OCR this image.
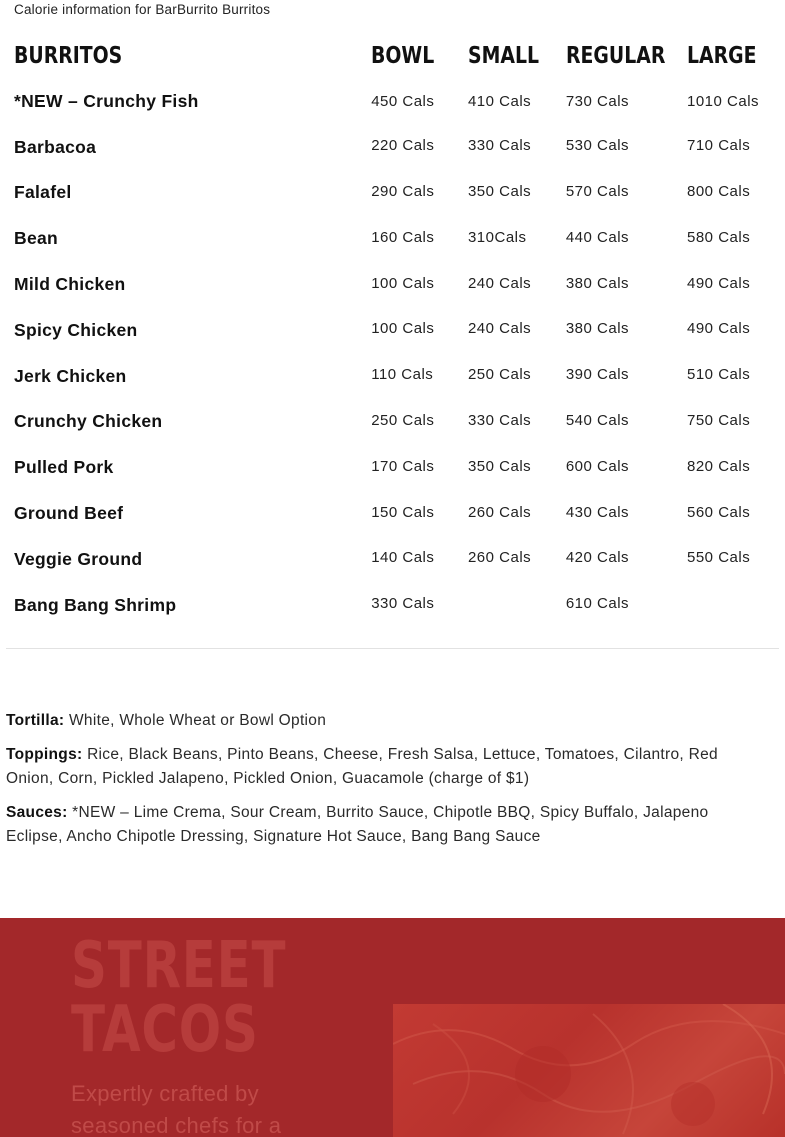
Calorie information for BarBurrito Burritos
BURRITOS	BOWL	SMALL	REGULAR	LARGE
*NEW – Crunchy Fish	450 Cals	410 Cals	730 Cals	1010 Cals
Barbacoa	220 Cals	330 Cals	530 Cals	710 Cals
Falafel	290 Cals	350 Cals	570 Cals	800 Cals
Bean	160 Cals	310Cals	440 Cals	580 Cals
Mild Chicken	100 Cals	240 Cals	380 Cals	490 Cals
Spicy Chicken	100 Cals	240 Cals	380 Cals	490 Cals
Jerk Chicken	110 Cals	250 Cals	390 Cals	510 Cals
Crunchy Chicken	250 Cals	330 Cals	540 Cals	750 Cals
Pulled Pork	170 Cals	350 Cals	600 Cals	820 Cals
Ground Beef	150 Cals	260 Cals	430 Cals	560 Cals
Veggie Ground	140 Cals	260 Cals	420 Cals	550 Cals
Bang Bang Shrimp	330 Cals		610 Cals	
Tortilla: White, Whole Wheat or Bowl Option
Toppings: Rice, Black Beans, Pinto Beans, Cheese, Fresh Salsa, Lettuce, Tomatoes, Cilantro, Red Onion, Corn, Pickled Jalapeno, Pickled Onion, Guacamole (charge of $1)
Sauces: *NEW – Lime Crema, Sour Cream, Burrito Sauce, Chipotle BBQ, Spicy Buffalo, Jalapeno Eclipse, Ancho Chipotle Dressing, Signature Hot Sauce, Bang Bang Sauce
STREET
TACOS
Expertly crafted by seasoned chefs for a
